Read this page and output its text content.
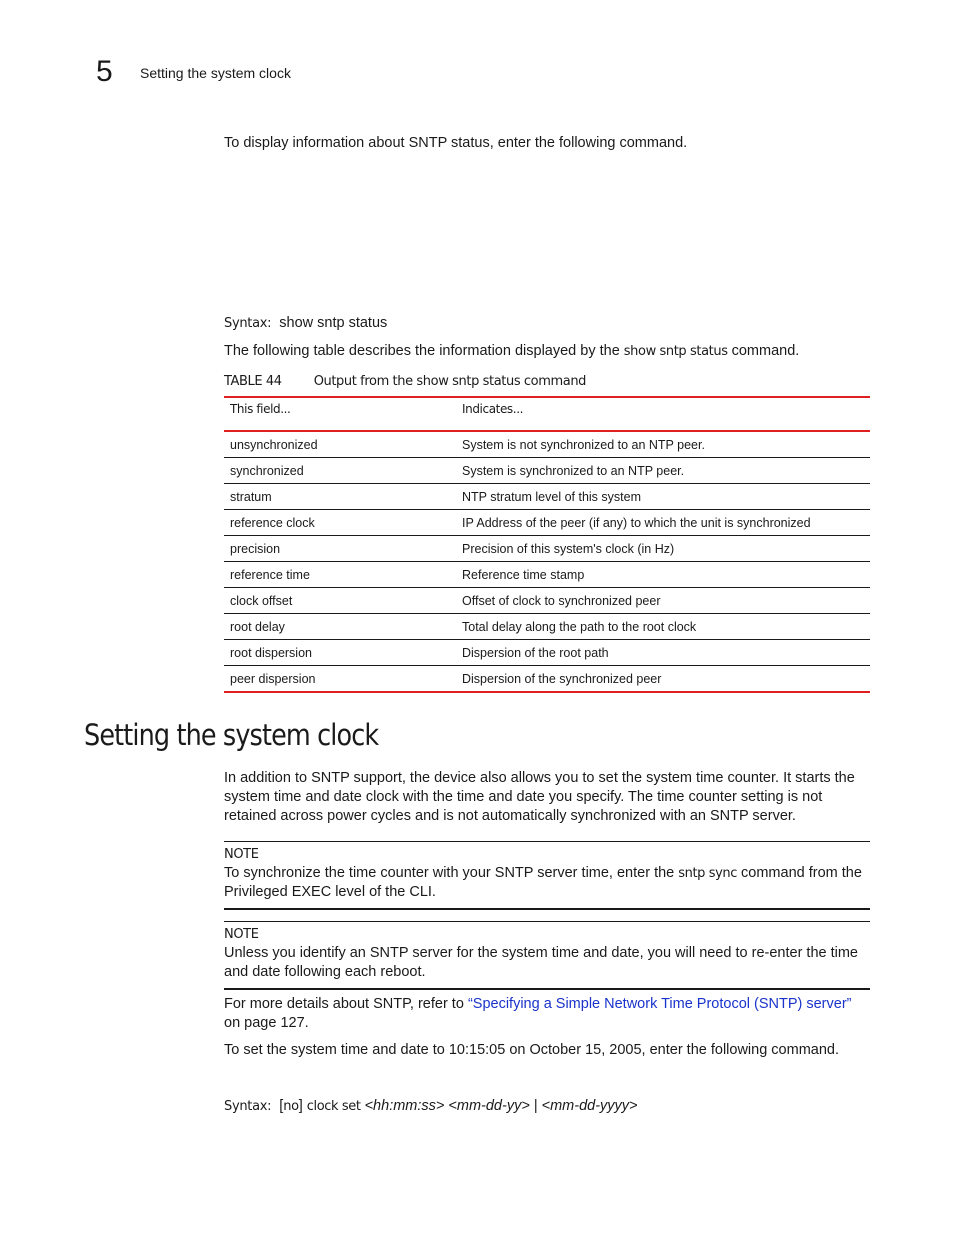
5 Setting the system clock
To display information about SNTP status, enter the following command.
Syntax: show sntp status
The following table describes the information displayed by the show sntp status command.
TABLE 44 Output from the show sntp status command
This field...	Indicates...
unsynchronized	System is not synchronized to an NTP peer.
synchronized	System is synchronized to an NTP peer.
stratum	NTP stratum level of this system
reference clock	IP Address of the peer (if any) to which the unit is synchronized
precision	Precision of this system's clock (in Hz)
reference time	Reference time stamp
clock offset	Offset of clock to synchronized peer
root delay	Total delay along the path to the root clock
root dispersion	Dispersion of the root path
peer dispersion	Dispersion of the synchronized peer
Setting the system clock
In addition to SNTP support, the device also allows you to set the system time counter. It starts the system time and date clock with the time and date you specify. The time counter setting is not retained across power cycles and is not automatically synchronized with an SNTP server.
NOTE
To synchronize the time counter with your SNTP server time, enter the sntp sync command from the Privileged EXEC level of the CLI.
NOTE
Unless you identify an SNTP server for the system time and date, you will need to re-enter the time and date following each reboot.
For more details about SNTP, refer to “Specifying a Simple Network Time Protocol (SNTP) server” on page 127.
To set the system time and date to 10:15:05 on October 15, 2005, enter the following command.
Syntax: [no] clock set <hh:mm:ss> <mm-dd-yy> | <mm-dd-yyyy>
